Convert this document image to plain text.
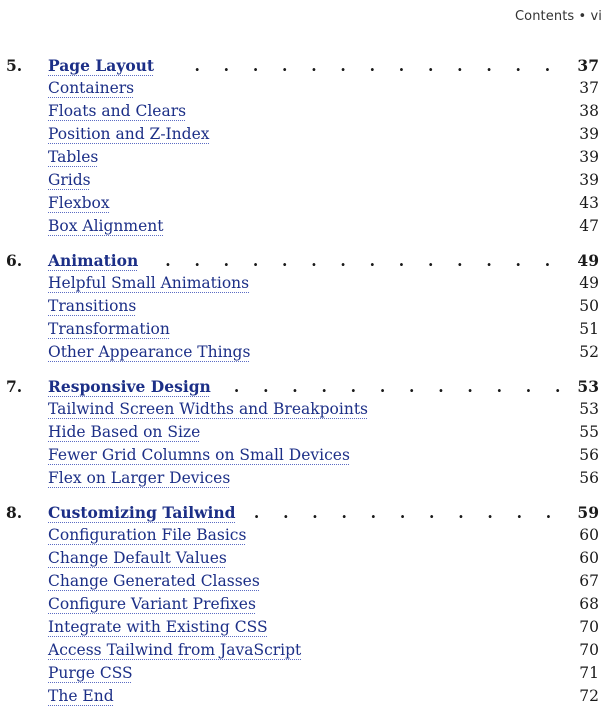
Contents • vi
5. Page Layout	. . . . . . . . . . . . .	37
Containers	37
Floats and Clears	38
Position and Z-Index	39
Tables	39
Grids	39
Flexbox	43
Box Alignment	47
6. Animation	. . . . . . . . . . . . . .	49
Helpful Small Animations	49
Transitions	50
Transformation	51
Other Appearance Things	52
7. Responsive Design	. . . . . . . . . . . . 53
Tailwind Screen Widths and Breakpoints	53
Hide Based on Size	55
Fewer Grid Columns on Small Devices	56
Flex on Larger Devices	56
8. Customizing Tailwind	. . . . . . . . . . .	59
Configuration File Basics	60
Change Default Values	60
Change Generated Classes	67
Configure Variant Prefixes	68
Integrate with Existing CSS	70
Access Tailwind from JavaScript	70
Purge CSS	71
The End	72
